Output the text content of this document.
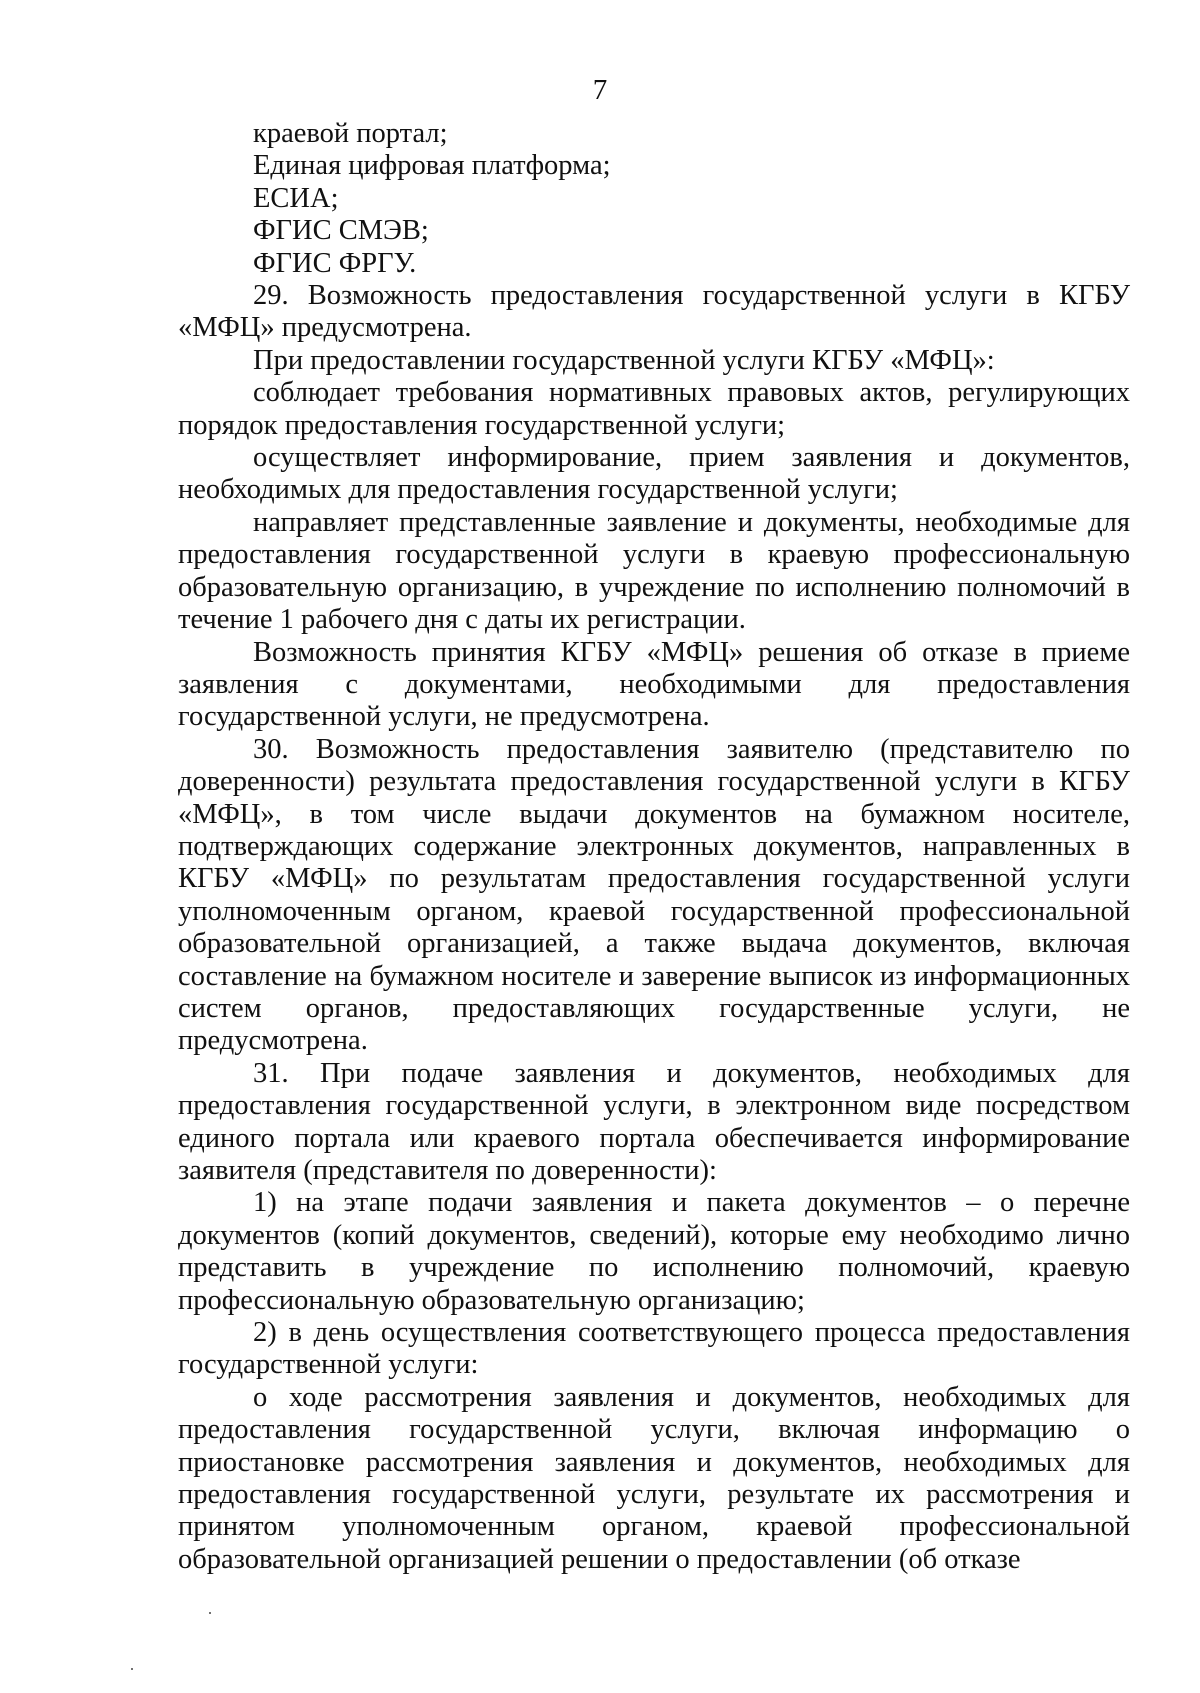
7

краевой портал;

Единая цифровая платформа;

ЕСИА;

ФГИС СМЭВ;

ФГИС ФРГУ.

29. Возможность предоставления государственной услуги в КГБУ «МФЦ» предусмотрена.

При предоставлении государственной услуги КГБУ «МФЦ»:

соблюдает требования нормативных правовых актов, регулирующих порядок предоставления государственной услуги;

осуществляет информирование, прием заявления и документов, необходимых для предоставления государственной услуги;

направляет представленные заявление и документы, необходимые для предоставления государственной услуги в краевую профессиональную образовательную организацию, в учреждение по исполнению полномочий в течение 1 рабочего дня с даты их регистрации.

Возможность принятия КГБУ «МФЦ» решения об отказе в приеме заявления с документами, необходимыми для предоставления государственной услуги, не предусмотрена.

30. Возможность предоставления заявителю (представителю по доверенности) результата предоставления государственной услуги в КГБУ «МФЦ», в том числе выдачи документов на бумажном носителе, подтверждающих содержание электронных документов, направленных в КГБУ «МФЦ» по результатам предоставления государственной услуги уполномоченным органом, краевой государственной профессиональной образовательной организацией, а также выдача документов, включая составление на бумажном носителе и заверение выписок из информационных систем органов, предоставляющих государственные услуги, не предусмотрена.

31. При подаче заявления и документов, необходимых для предоставления государственной услуги, в электронном виде посредством единого портала или краевого портала обеспечивается информирование заявителя (представителя по доверенности):

1) на этапе подачи заявления и пакета документов – о перечне документов (копий документов, сведений), которые ему необходимо лично представить в учреждение по исполнению полномочий, краевую профессиональную образовательную организацию;

2) в день осуществления соответствующего процесса предоставления государственной услуги:

о ходе рассмотрения заявления и документов, необходимых для предоставления государственной услуги, включая информацию о приостановке рассмотрения заявления и документов, необходимых для предоставления государственной услуги, результате их рассмотрения и принятом уполномоченным органом, краевой профессиональной образовательной организацией решении о предоставлении (об отказе
